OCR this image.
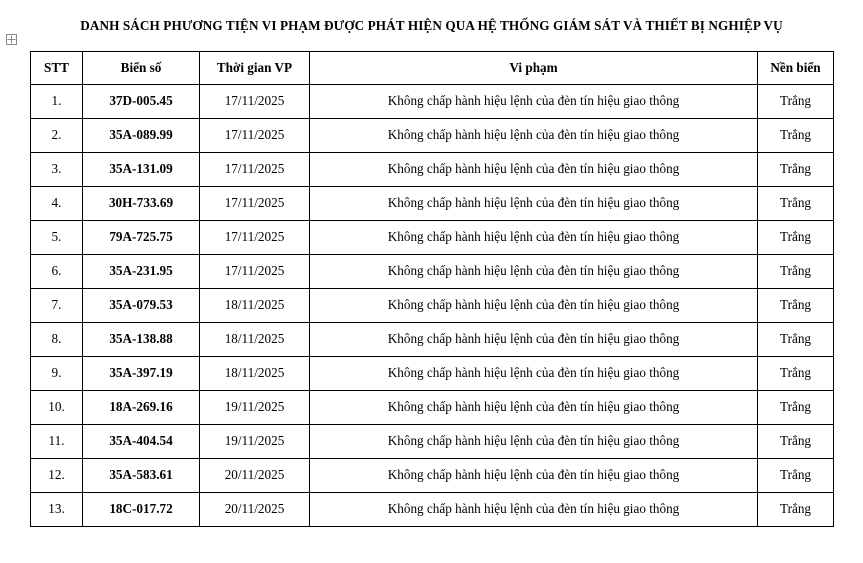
DANH SÁCH PHƯƠNG TIỆN VI PHẠM ĐƯỢC PHÁT HIỆN QUA HỆ THỐNG GIÁM SÁT VÀ THIẾT BỊ NGHIỆP VỤ
STT	Biển số	Thời gian VP	Vi phạm	Nền biển
1.	37D-005.45	17/11/2025	Không chấp hành hiệu lệnh của đèn tín hiệu giao thông	Trắng
2.	35A-089.99	17/11/2025	Không chấp hành hiệu lệnh của đèn tín hiệu giao thông	Trắng
3.	35A-131.09	17/11/2025	Không chấp hành hiệu lệnh của đèn tín hiệu giao thông	Trắng
4.	30H-733.69	17/11/2025	Không chấp hành hiệu lệnh của đèn tín hiệu giao thông	Trắng
5.	79A-725.75	17/11/2025	Không chấp hành hiệu lệnh của đèn tín hiệu giao thông	Trắng
6.	35A-231.95	17/11/2025	Không chấp hành hiệu lệnh của đèn tín hiệu giao thông	Trắng
7.	35A-079.53	18/11/2025	Không chấp hành hiệu lệnh của đèn tín hiệu giao thông	Trắng
8.	35A-138.88	18/11/2025	Không chấp hành hiệu lệnh của đèn tín hiệu giao thông	Trắng
9.	35A-397.19	18/11/2025	Không chấp hành hiệu lệnh của đèn tín hiệu giao thông	Trắng
10.	18A-269.16	19/11/2025	Không chấp hành hiệu lệnh của đèn tín hiệu giao thông	Trắng
11.	35A-404.54	19/11/2025	Không chấp hành hiệu lệnh của đèn tín hiệu giao thông	Trắng
12.	35A-583.61	20/11/2025	Không chấp hành hiệu lệnh của đèn tín hiệu giao thông	Trắng
13.	18C-017.72	20/11/2025	Không chấp hành hiệu lệnh của đèn tín hiệu giao thông	Trắng
